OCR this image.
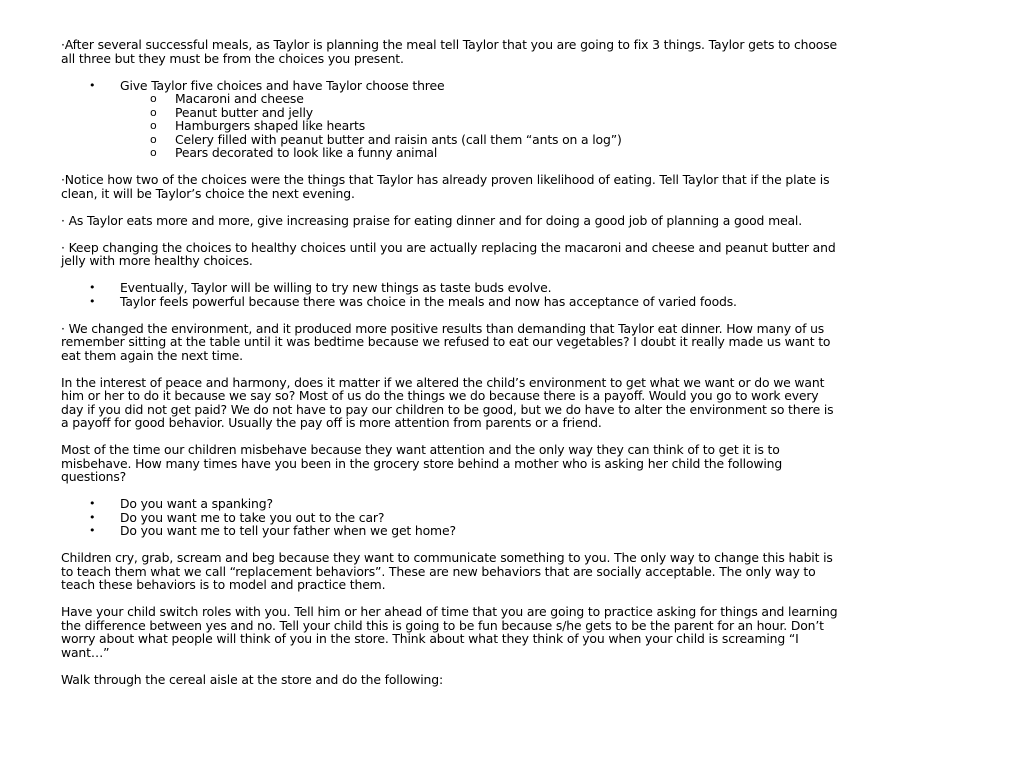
·After several successful meals, as Taylor is planning the meal tell Taylor that you are going to fix 3 things. Taylor gets to choose all three but they must be from the choices you present.

• Give Taylor five choices and have Taylor choose three
o Macaroni and cheese
o Peanut butter and jelly
o Hamburgers shaped like hearts
o Celery filled with peanut butter and raisin ants (call them “ants on a log”)
o Pears decorated to look like a funny animal

·Notice how two of the choices were the things that Taylor has already proven likelihood of eating. Tell Taylor that if the plate is clean, it will be Taylor’s choice the next evening.

· As Taylor eats more and more, give increasing praise for eating dinner and for doing a good job of planning a good meal.

· Keep changing the choices to healthy choices until you are actually replacing the macaroni and cheese and peanut butter and jelly with more healthy choices.

• Eventually, Taylor will be willing to try new things as taste buds evolve.
• Taylor feels powerful because there was choice in the meals and now has acceptance of varied foods.

· We changed the environment, and it produced more positive results than demanding that Taylor eat dinner. How many of us remember sitting at the table until it was bedtime because we refused to eat our vegetables? I doubt it really made us want to eat them again the next time.

In the interest of peace and harmony, does it matter if we altered the child’s environment to get what we want or do we want him or her to do it because we say so? Most of us do the things we do because there is a payoff. Would you go to work every day if you did not get paid? We do not have to pay our children to be good, but we do have to alter the environment so there is a payoff for good behavior. Usually the pay off is more attention from parents or a friend.

Most of the time our children misbehave because they want attention and the only way they can think of to get it is to misbehave. How many times have you been in the grocery store behind a mother who is asking her child the following questions?

• Do you want a spanking?
• Do you want me to take you out to the car?
• Do you want me to tell your father when we get home?

Children cry, grab, scream and beg because they want to communicate something to you. The only way to change this habit is to teach them what we call “replacement behaviors”. These are new behaviors that are socially acceptable. The only way to teach these behaviors is to model and practice them.

Have your child switch roles with you. Tell him or her ahead of time that you are going to practice asking for things and learning the difference between yes and no. Tell your child this is going to be fun because s/he gets to be the parent for an hour. Don’t worry about what people will think of you in the store. Think about what they think of you when your child is screaming “I want…”

Walk through the cereal aisle at the store and do the following:
